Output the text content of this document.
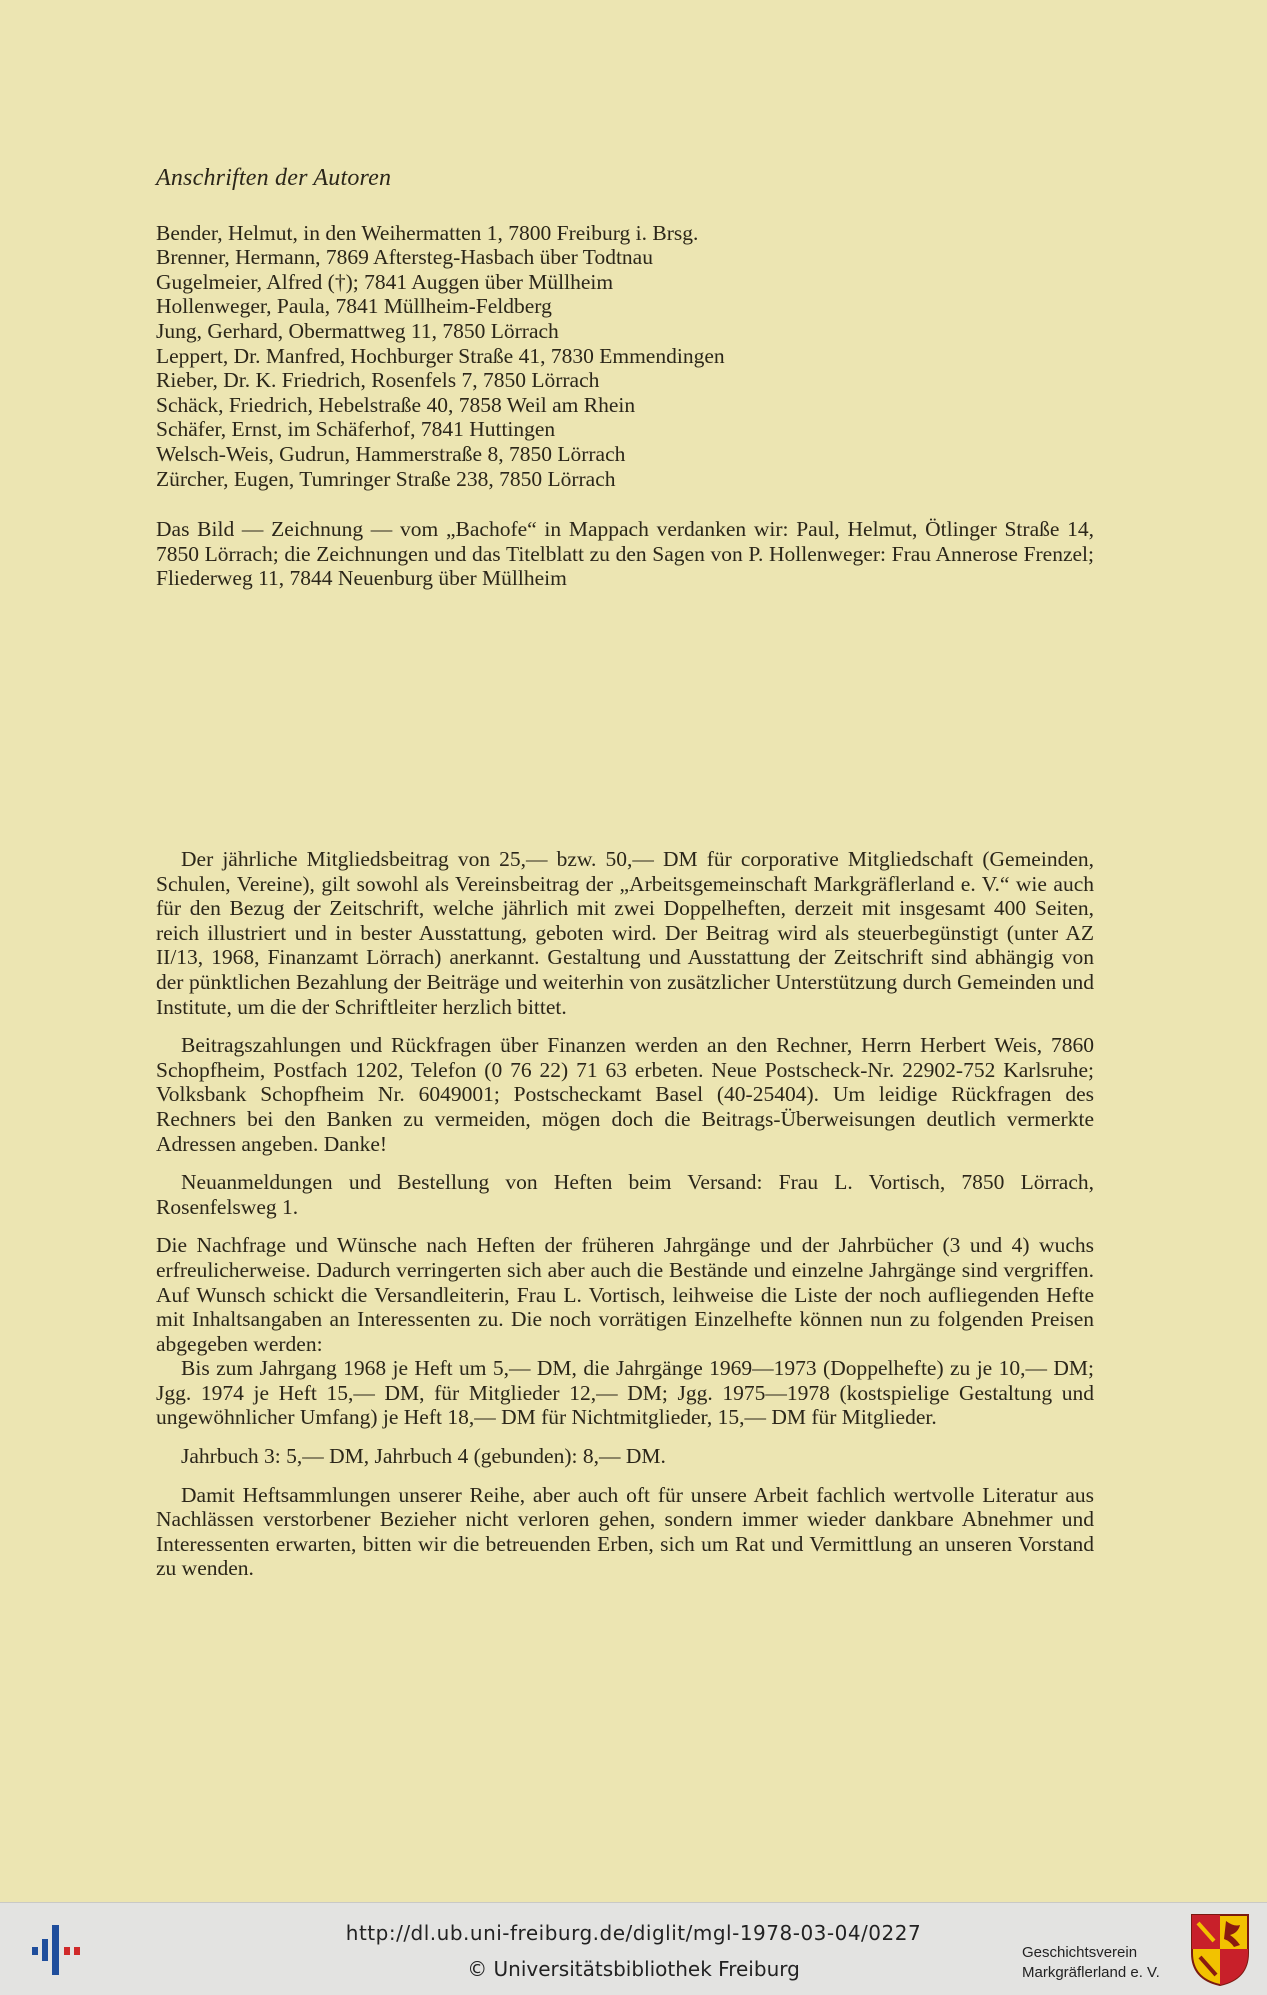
Anschriften der Autoren
Bender, Helmut, in den Weihermatten 1, 7800 Freiburg i. Brsg.
Brenner, Hermann, 7869 Aftersteg-Hasbach über Todtnau
Gugelmeier, Alfred (†); 7841 Auggen über Müllheim
Hollenweger, Paula, 7841 Müllheim-Feldberg
Jung, Gerhard, Obermattweg 11, 7850 Lörrach
Leppert, Dr. Manfred, Hochburger Straße 41, 7830 Emmendingen
Rieber, Dr. K. Friedrich, Rosenfels 7, 7850 Lörrach
Schäck, Friedrich, Hebelstraße 40, 7858 Weil am Rhein
Schäfer, Ernst, im Schäferhof, 7841 Huttingen
Welsch-Weis, Gudrun, Hammerstraße 8, 7850 Lörrach
Zürcher, Eugen, Tumringer Straße 238, 7850 Lörrach

Das Bild — Zeichnung — vom „Bachofe“ in Mappach verdanken wir: Paul, Helmut, Ötlinger Straße 14, 7850 Lörrach; die Zeichnungen und das Titelblatt zu den Sagen von P. Hollenweger: Frau Annerose Frenzel; Fliederweg 11, 7844 Neuenburg über Müllheim

Der jährliche Mitgliedsbeitrag von 25,— bzw. 50,— DM für corporative Mitgliedschaft (Gemeinden, Schulen, Vereine), gilt sowohl als Vereinsbeitrag der „Arbeitsgemeinschaft Markgräflerland e. V.“ wie auch für den Bezug der Zeitschrift, welche jährlich mit zwei Doppelheften, derzeit mit insgesamt 400 Seiten, reich illustriert und in bester Ausstattung, geboten wird. Der Beitrag wird als steuerbegünstigt (unter AZ II/13, 1968, Finanzamt Lörrach) anerkannt. Gestaltung und Ausstattung der Zeitschrift sind abhängig von der pünktlichen Bezahlung der Beiträge und weiterhin von zusätzlicher Unterstützung durch Gemeinden und Institute, um die der Schriftleiter herzlich bittet.

Beitragszahlungen und Rückfragen über Finanzen werden an den Rechner, Herrn Herbert Weis, 7860 Schopfheim, Postfach 1202, Telefon (0 76 22) 71 63 erbeten. Neue Postscheck-Nr. 22902-752 Karlsruhe; Volksbank Schopfheim Nr. 6049001; Postscheckamt Basel (40-25404). Um leidige Rückfragen des Rechners bei den Banken zu vermeiden, mögen doch die Beitrags-Überweisungen deutlich vermerkte Adressen angeben. Danke!

Neuanmeldungen und Bestellung von Heften beim Versand: Frau L. Vortisch, 7850 Lörrach, Rosenfelsweg 1.

Die Nachfrage und Wünsche nach Heften der früheren Jahrgänge und der Jahrbücher (3 und 4) wuchs erfreulicherweise. Dadurch verringerten sich aber auch die Bestände und einzelne Jahrgänge sind vergriffen. Auf Wunsch schickt die Versandleiterin, Frau L. Vortisch, leihweise die Liste der noch aufliegenden Hefte mit Inhaltsangaben an Interessenten zu. Die noch vorrätigen Einzelhefte können nun zu folgenden Preisen abgegeben werden:

Bis zum Jahrgang 1968 je Heft um 5,— DM, die Jahrgänge 1969—1973 (Doppelhefte) zu je 10,— DM; Jgg. 1974 je Heft 15,— DM, für Mitglieder 12,— DM; Jgg. 1975—1978 (kostspielige Gestaltung und ungewöhnlicher Umfang) je Heft 18,— DM für Nichtmitglieder, 15,— DM für Mitglieder.

Jahrbuch 3: 5,— DM, Jahrbuch 4 (gebunden): 8,— DM.

Damit Heftsammlungen unserer Reihe, aber auch oft für unsere Arbeit fachlich wertvolle Literatur aus Nachlässen verstorbener Bezieher nicht verloren gehen, sondern immer wieder dankbare Abnehmer und Interessenten erwarten, bitten wir die betreuenden Erben, sich um Rat und Vermittlung an unseren Vorstand zu wenden.

http://dl.ub.uni-freiburg.de/diglit/mgl-1978-03-04/0227
© Universitätsbibliothek Freiburg
Geschichtsverein
Markgräflerland e. V.
